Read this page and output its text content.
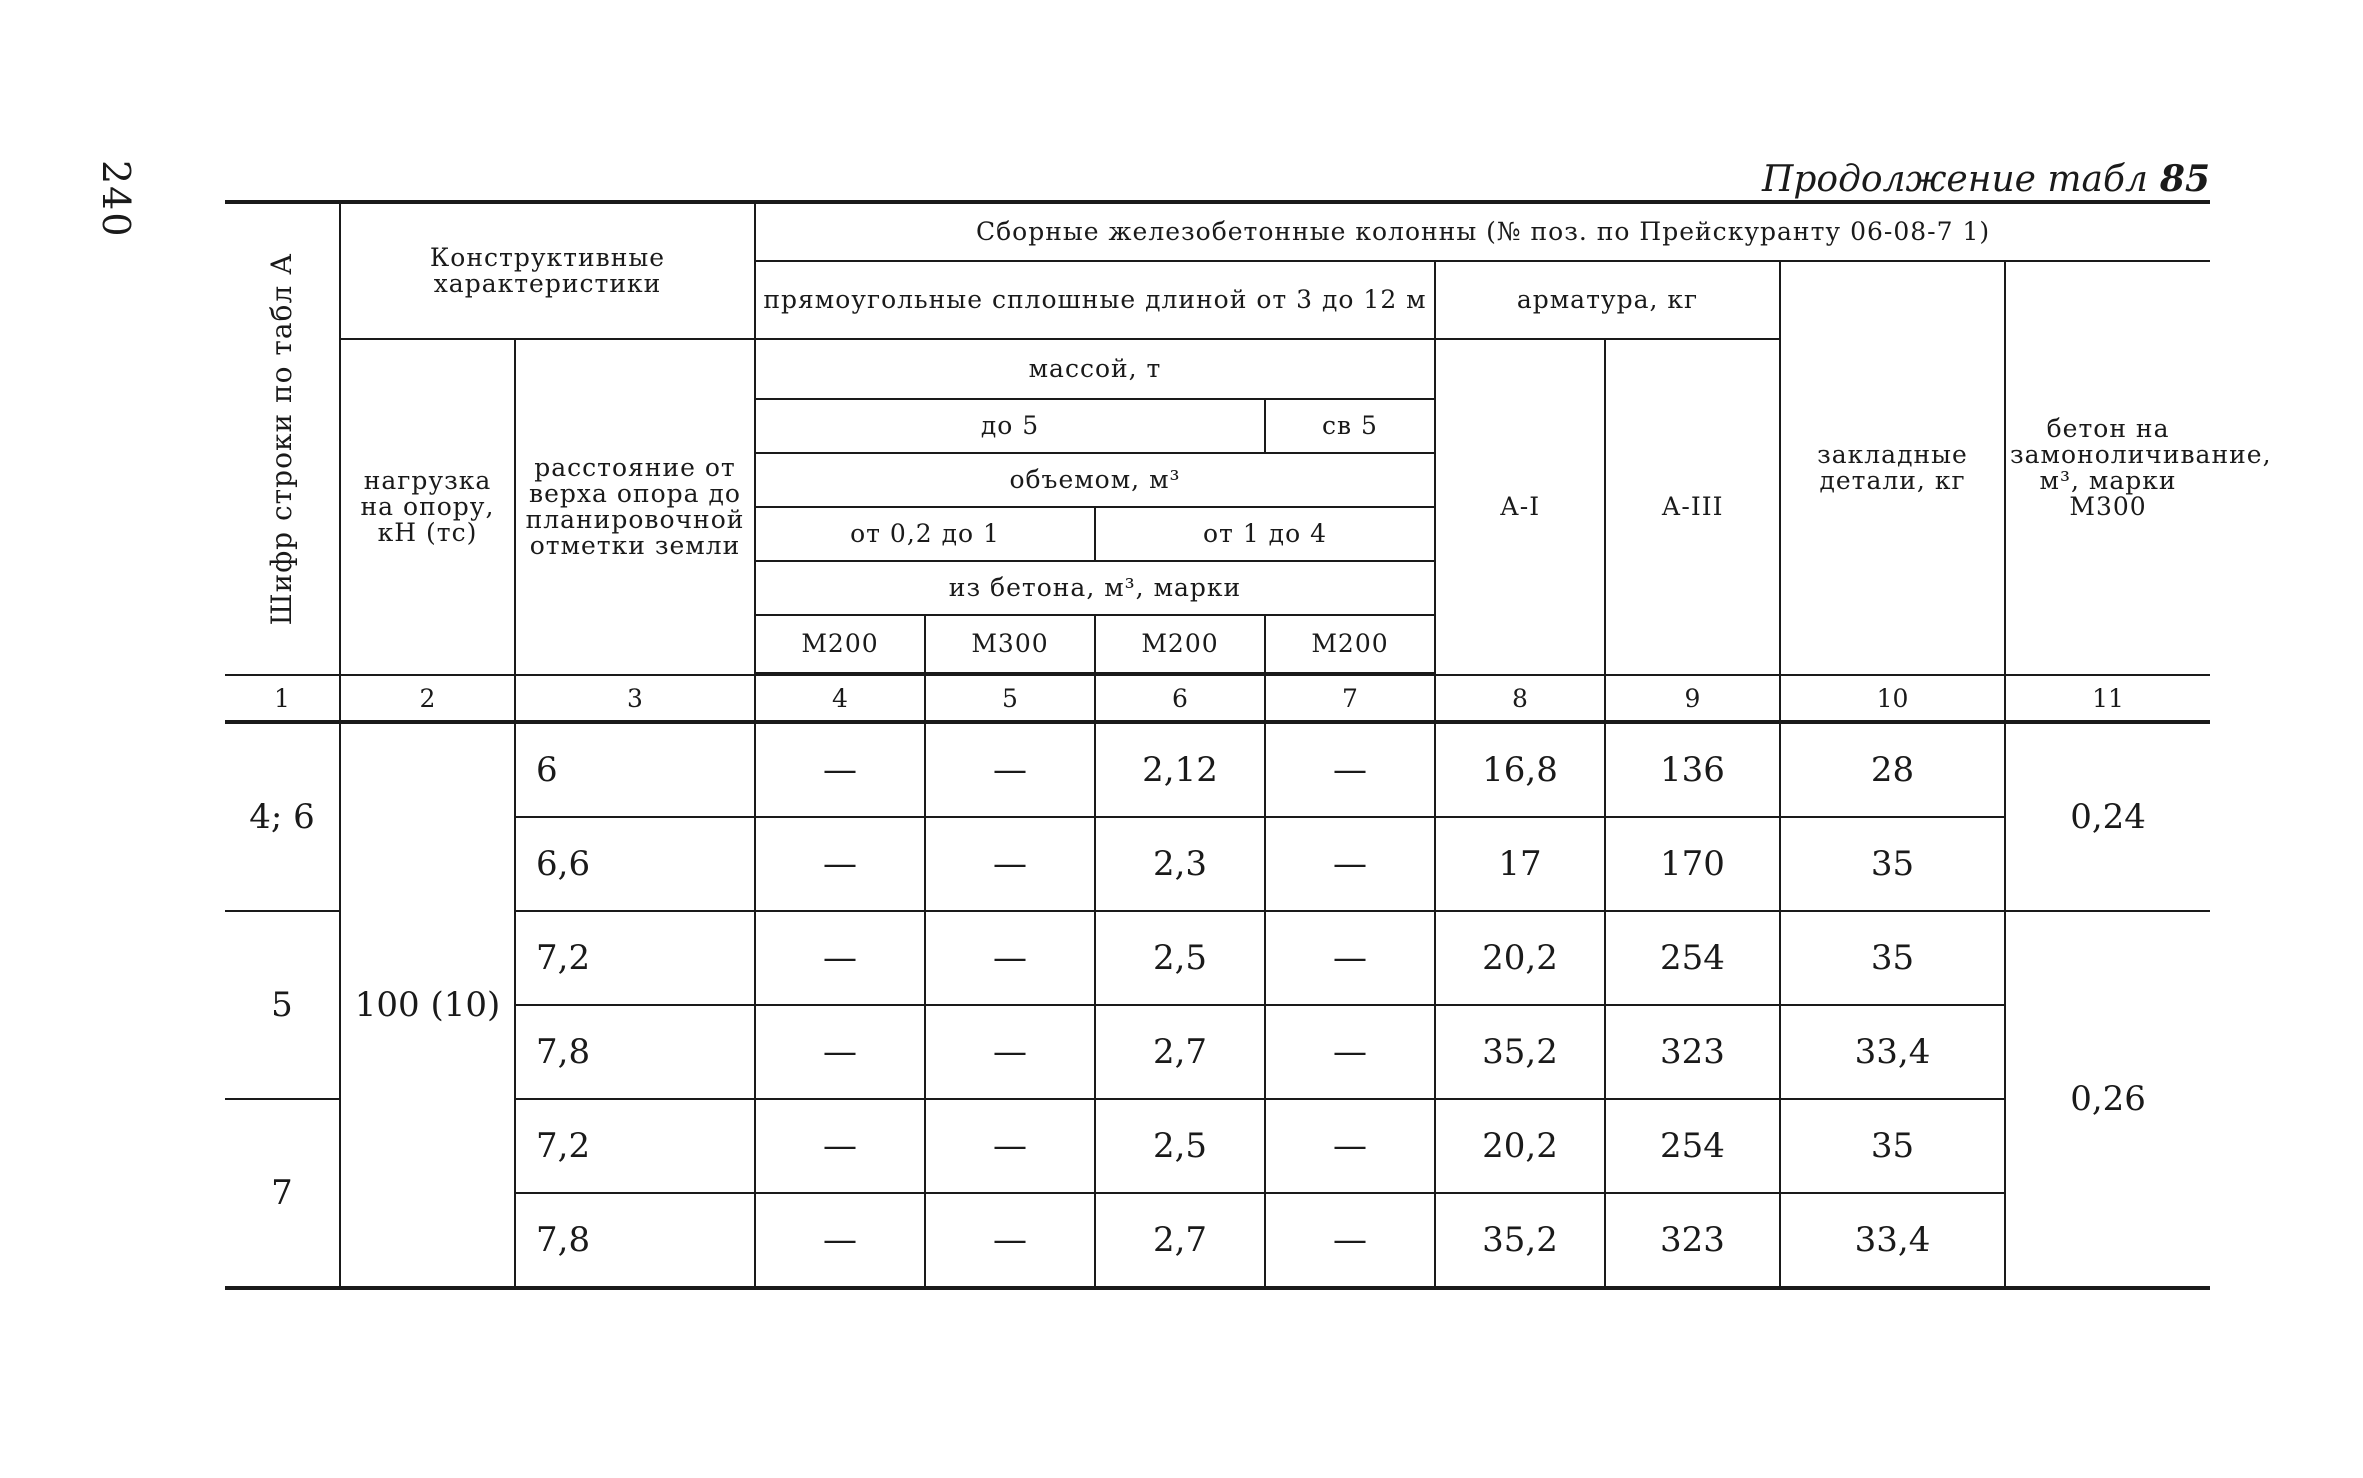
240	Продолжение табл 85
Шифр строки по табл А	Конструктивные характеристики		Сборные железобетонные колонны (№ поз. по Прейскуранту 06-08-7 1)							
			прямоугольные сплошные длиной от 3 до 12 м				арматура, кг		закладные детали, кг	бетон на замоноличивание, м³, марки М300
	нагрузка на опору, кН (тс)	расстояние от верха опора до планировочной отметки земли	массой, т				А-I	А-III		
			до 5			св 5				
			объемом, м³							
			от 0,2 до 1		от 1 до 4					
			из бетона, м³, марки							
			М200	М300	М200	М200				

1	2	3	4	5	6	7	8	9	10	11
4; 6	100 (10)	6	—	—	2,12	—	16,8	136	28	0,24
		6,6	—	—	2,3	—	17	170	35	
5		7,2	—	—	2,5	—	20,2	254	35	0,26
		7,8	—	—	2,7	—	35,2	323	33,4	
7		7,2	—	—	2,5	—	20,2	254	35	
		7,8	—	—	2,7	—	35,2	323	33,4	
